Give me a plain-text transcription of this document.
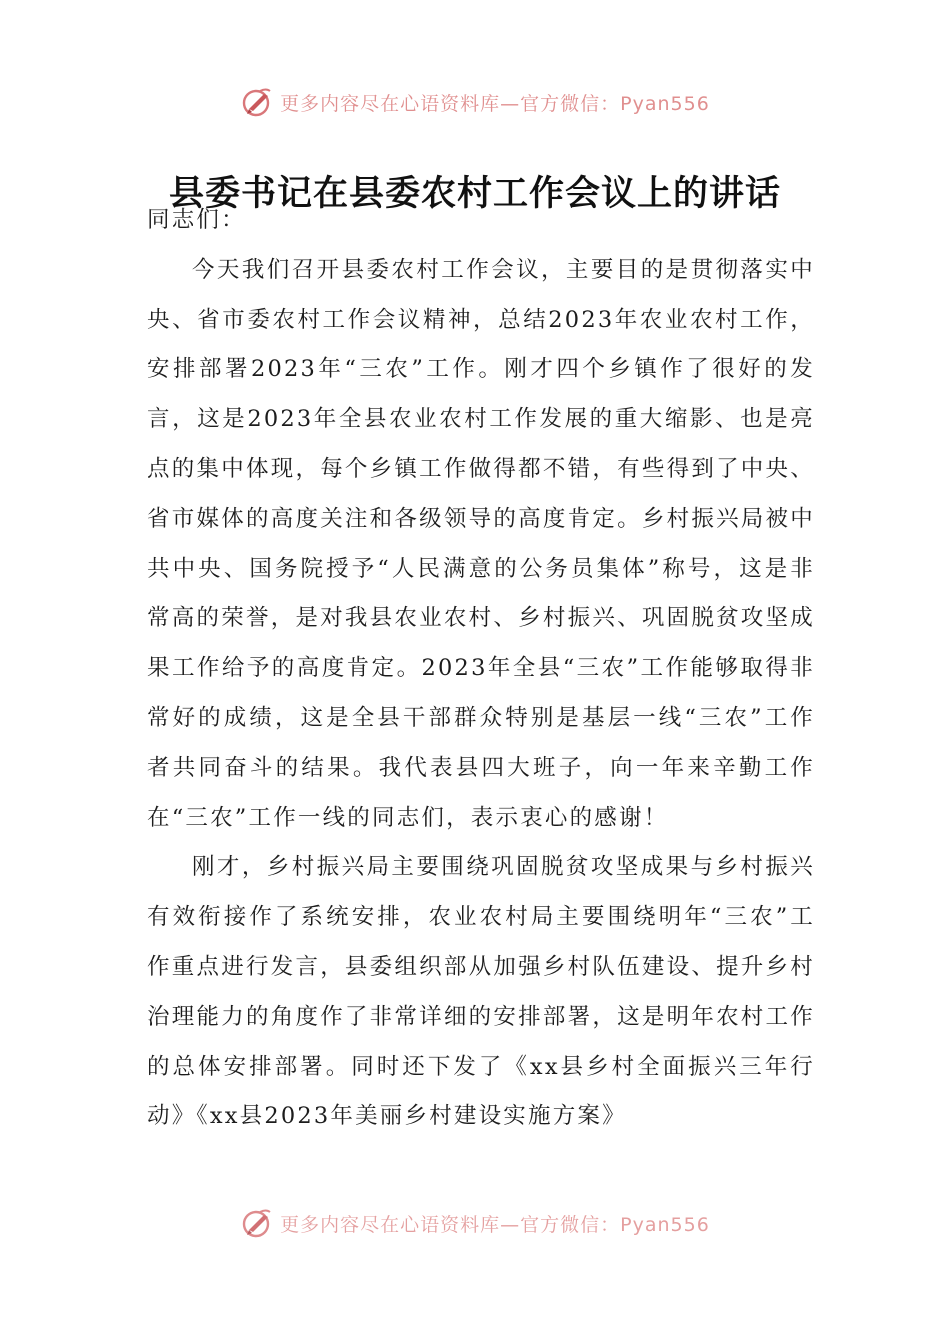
更多内容尽在心语资料库—官方微信：Pyan556
县委书记在县委农村工作会议上的讲话

同志们：

今天我们召开县委农村工作会议，主要目的是贯彻落实中央、省市委农村工作会议精神，总结2023年农业农村工作，安排部署2023年“三农”工作。刚才四个乡镇作了很好的发言，这是2023年全县农业农村工作发展的重大缩影、也是亮点的集中体现，每个乡镇工作做得都不错，有些得到了中央、省市媒体的高度关注和各级领导的高度肯定。乡村振兴局被中共中央、国务院授予“人民满意的公务员集体”称号，这是非常高的荣誉，是对我县农业农村、乡村振兴、巩固脱贫攻坚成果工作给予的高度肯定。2023年全县“三农”工作能够取得非常好的成绩，这是全县干部群众特别是基层一线“三农”工作者共同奋斗的结果。我代表县四大班子，向一年来辛勤工作在“三农”工作一线的同志们，表示衷心的感谢！

刚才，乡村振兴局主要围绕巩固脱贫攻坚成果与乡村振兴有效衔接作了系统安排，农业农村局主要围绕明年“三农”工作重点进行发言，县委组织部从加强乡村队伍建设、提升乡村治理能力的角度作了非常详细的安排部署，这是明年农村工作的总体安排部署。同时还下发了《xx县乡村全面振兴三年行动》《xx县2023年美丽乡村建设实施方案》

更多内容尽在心语资料库—官方微信：Pyan556
